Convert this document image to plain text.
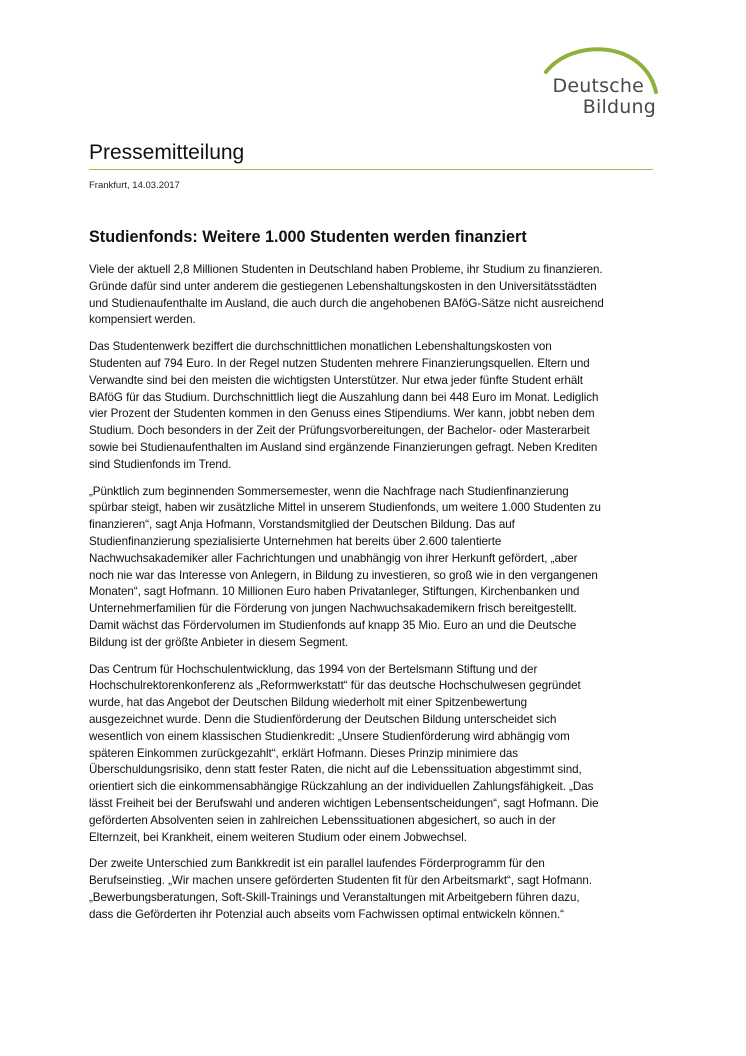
Deutsche
Bildung
Pressemitteilung
Frankfurt, 14.03.2017
Studienfonds: Weitere 1.000 Studenten werden finanziert

Viele der aktuell 2,8 Millionen Studenten in Deutschland haben Probleme, ihr Studium zu finanzieren.
Gründe dafür sind unter anderem die gestiegenen Lebenshaltungskosten in den Universitätsstädten
und Studienaufenthalte im Ausland, die auch durch die angehobenen BAföG-Sätze nicht ausreichend
kompensiert werden.

Das Studentenwerk beziffert die durchschnittlichen monatlichen Lebenshaltungskosten von
Studenten auf 794 Euro. In der Regel nutzen Studenten mehrere Finanzierungsquellen. Eltern und
Verwandte sind bei den meisten die wichtigsten Unterstützer. Nur etwa jeder fünfte Student erhält
BAföG für das Studium. Durchschnittlich liegt die Auszahlung dann bei 448 Euro im Monat. Lediglich
vier Prozent der Studenten kommen in den Genuss eines Stipendiums. Wer kann, jobbt neben dem
Studium. Doch besonders in der Zeit der Prüfungsvorbereitungen, der Bachelor- oder Masterarbeit
sowie bei Studienaufenthalten im Ausland sind ergänzende Finanzierungen gefragt. Neben Krediten
sind Studienfonds im Trend.

„Pünktlich zum beginnenden Sommersemester, wenn die Nachfrage nach Studienfinanzierung
spürbar steigt, haben wir zusätzliche Mittel in unserem Studienfonds, um weitere 1.000 Studenten zu
finanzieren“, sagt Anja Hofmann, Vorstandsmitglied der Deutschen Bildung. Das auf
Studienfinanzierung spezialisierte Unternehmen hat bereits über 2.600 talentierte
Nachwuchsakademiker aller Fachrichtungen und unabhängig von ihrer Herkunft gefördert, „aber
noch nie war das Interesse von Anlegern, in Bildung zu investieren, so groß wie in den vergangenen
Monaten“, sagt Hofmann. 10 Millionen Euro haben Privatanleger, Stiftungen, Kirchenbanken und
Unternehmerfamilien für die Förderung von jungen Nachwuchsakademikern frisch bereitgestellt.
Damit wächst das Fördervolumen im Studienfonds auf knapp 35 Mio. Euro an und die Deutsche
Bildung ist der größte Anbieter in diesem Segment.

Das Centrum für Hochschulentwicklung, das 1994 von der Bertelsmann Stiftung und der
Hochschulrektorenkonferenz als „Reformwerkstatt“ für das deutsche Hochschulwesen gegründet
wurde, hat das Angebot der Deutschen Bildung wiederholt mit einer Spitzenbewertung
ausgezeichnet wurde. Denn die Studienförderung der Deutschen Bildung unterscheidet sich
wesentlich von einem klassischen Studienkredit: „Unsere Studienförderung wird abhängig vom
späteren Einkommen zurückgezahlt“, erklärt Hofmann. Dieses Prinzip minimiere das
Überschuldungsrisiko, denn statt fester Raten, die nicht auf die Lebenssituation abgestimmt sind,
orientiert sich die einkommensabhängige Rückzahlung an der individuellen Zahlungsfähigkeit. „Das
lässt Freiheit bei der Berufswahl und anderen wichtigen Lebensentscheidungen“, sagt Hofmann. Die
geförderten Absolventen seien in zahlreichen Lebenssituationen abgesichert, so auch in der
Elternzeit, bei Krankheit, einem weiteren Studium oder einem Jobwechsel.

Der zweite Unterschied zum Bankkredit ist ein parallel laufendes Förderprogramm für den
Berufseinstieg. „Wir machen unsere geförderten Studenten fit für den Arbeitsmarkt“, sagt Hofmann.
„Bewerbungsberatungen, Soft-Skill-Trainings und Veranstaltungen mit Arbeitgebern führen dazu,
dass die Geförderten ihr Potenzial auch abseits vom Fachwissen optimal entwickeln können.“
